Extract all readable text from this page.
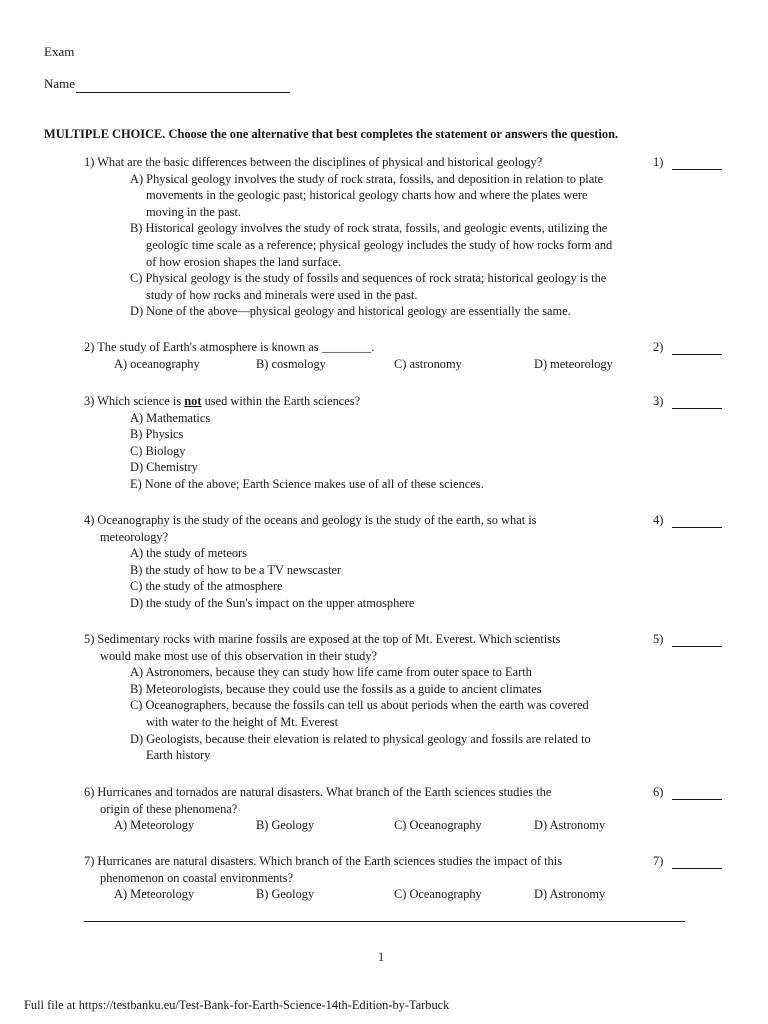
Exam
Name
MULTIPLE CHOICE. Choose the one alternative that best completes the statement or answers the question.
1) What are the basic differences between the disciplines of physical and historical geology?
A) Physical geology involves the study of rock strata, fossils, and deposition in relation to plate
movements in the geologic past; historical geology charts how and where the plates were
moving in the past.
B) Historical geology involves the study of rock strata, fossils, and geologic events, utilizing the
geologic time scale as a reference; physical geology includes the study of how rocks form and
of how erosion shapes the land surface.
C) Physical geology is the study of fossils and sequences of rock strata; historical geology is the
study of how rocks and minerals were used in the past.
D) None of the above—physical geology and historical geology are essentially the same.
1)
2) The study of Earth's atmosphere is known as ________.
A) oceanography	B) cosmology	C) astronomy	D) meteorology
2)
3) Which science is not used within the Earth sciences?
A) Mathematics
B) Physics
C) Biology
D) Chemistry
E) None of the above; Earth Science makes use of all of these sciences.
3)
4) Oceanography is the study of the oceans and geology is the study of the earth, so what is
meteorology?
A) the study of meteors
B) the study of how to be a TV newscaster
C) the study of the atmosphere
D) the study of the Sun's impact on the upper atmosphere
4)
5) Sedimentary rocks with marine fossils are exposed at the top of Mt. Everest. Which scientists
would make most use of this observation in their study?
A) Astronomers, because they can study how life came from outer space to Earth
B) Meteorologists, because they could use the fossils as a guide to ancient climates
C) Oceanographers, because the fossils can tell us about periods when the earth was covered
with water to the height of Mt. Everest
D) Geologists, because their elevation is related to physical geology and fossils are related to
Earth history
5)
6) Hurricanes and tornados are natural disasters. What branch of the Earth sciences studies the
origin of these phenomena?
A) Meteorology	B) Geology	C) Oceanography	D) Astronomy
6)
7) Hurricanes are natural disasters. Which branch of the Earth sciences studies the impact of this
phenomenon on coastal environments?
A) Meteorology	B) Geology	C) Oceanography	D) Astronomy
7)
1
Full file at https://testbanku.eu/Test-Bank-for-Earth-Science-14th-Edition-by-Tarbuck
